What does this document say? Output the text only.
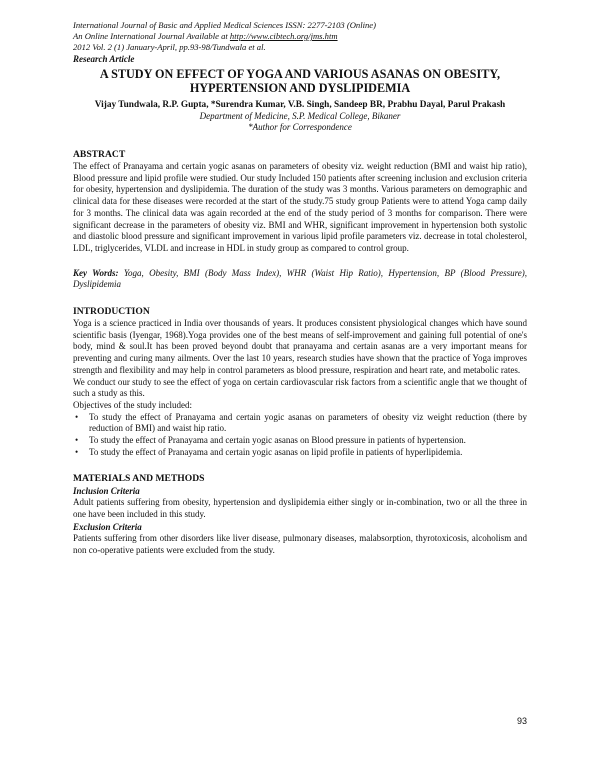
International Journal of Basic and Applied Medical Sciences ISSN: 2277-2103 (Online)
An Online International Journal Available at http://www.cibtech.org/jms.htm
2012 Vol. 2 (1) January-April, pp.93-98/Tundwala et al.
Research Article
A STUDY ON EFFECT OF YOGA AND VARIOUS ASANAS ON OBESITY,
HYPERTENSION AND DYSLIPIDEMIA
Vijay Tundwala, R.P. Gupta, *Surendra Kumar, V.B. Singh, Sandeep BR, Prabhu Dayal, Parul Prakash
Department of Medicine, S.P. Medical College, Bikaner
*Author for Correspondence
ABSTRACT

The effect of Pranayama and certain yogic asanas on parameters of obesity viz. weight reduction (BMI and waist hip ratio), Blood pressure and lipid profile were studied. Our study Included 150 patients after screening inclusion and exclusion criteria for obesity, hypertension and dyslipidemia. The duration of the study was 3 months. Various parameters on demographic and clinical data for these diseases were recorded at the start of the study.75 study group Patients were to attend Yoga camp daily for 3 months. The clinical data was again recorded at the end of the study period of 3 months for comparison. There were significant decrease in the parameters of obesity viz. BMI and WHR, significant improvement in hypertension both systolic and diastolic blood pressure and significant improvement in various lipid profile parameters viz. decrease in total cholesterol, LDL, triglycerides, VLDL and increase in HDL in study group as compared to control group.

Key Words: Yoga, Obesity, BMI (Body Mass Index), WHR (Waist Hip Ratio), Hypertension, BP (Blood Pressure), Dyslipidemia
INTRODUCTION

Yoga is a science practiced in India over thousands of years. It produces consistent physiological changes which have sound scientific basis (Iyengar, 1968).Yoga provides one of the best means of self-improvement and gaining full potential of one's body, mind & soul.It has been proved beyond doubt that pranayama and certain asanas are a very important means for preventing and curing many ailments. Over the last 10 years, research studies have shown that the practice of Yoga improves strength and flexibility and may help in control parameters as blood pressure, respiration and heart rate, and metabolic rates.

We conduct our study to see the effect of yoga on certain cardiovascular risk factors from a scientific angle that we thought of such a study as this.

Objectives of the study included:

• To study the effect of Pranayama and certain yogic asanas on parameters of obesity viz weight reduction (there by reduction of BMI) and waist hip ratio.
• To study the effect of Pranayama and certain yogic asanas on Blood pressure in patients of hypertension.
• To study the effect of Pranayama and certain yogic asanas on lipid profile in patients of hyperlipidemia.
MATERIALS AND METHODS
Inclusion Criteria

Adult patients suffering from obesity, hypertension and dyslipidemia either singly or in-combination, two or all the three in one have been included in this study.

Exclusion Criteria

Patients suffering from other disorders like liver disease, pulmonary diseases, malabsorption, thyrotoxicosis, alcoholism and non co-operative patients were excluded from the study.

93
